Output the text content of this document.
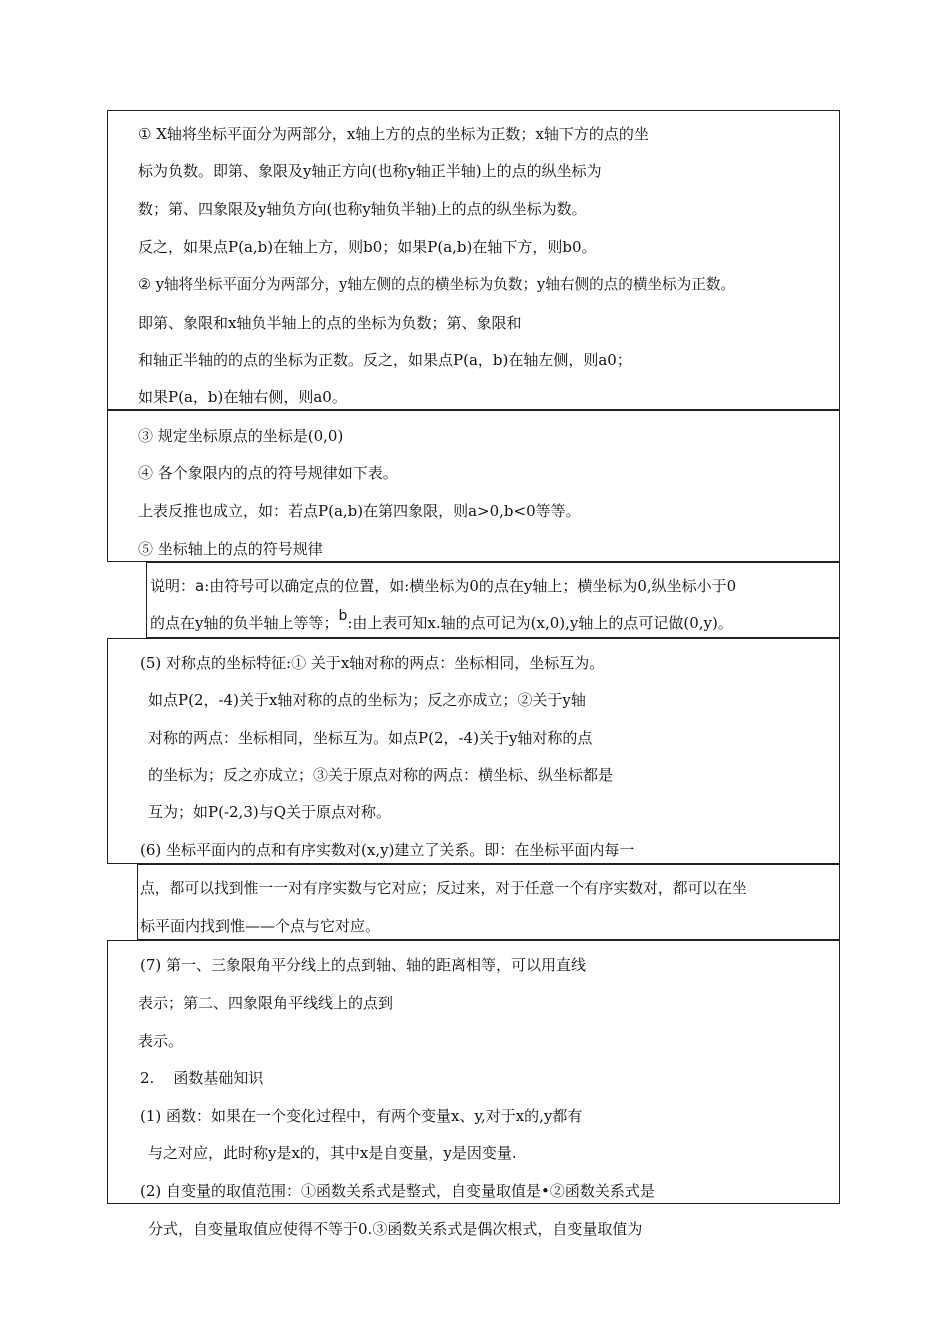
① X轴将坐标平面分为两部分，x轴上方的点的坐标为正数；x轴下方的点的坐
标为负数。即第、象限及y轴正方向(也称y轴正半轴)上的点的纵坐标为
数；第、四象限及y轴负方向(也称y轴负半轴)上的点的纵坐标为数。
反之，如果点P(a,b)在轴上方，则b0；如果P(a,b)在轴下方，则b0。
② y轴将坐标平面分为两部分，y轴左侧的点的横坐标为负数；y轴右侧的点的横坐标为正数。
即第、象限和x轴负半轴上的点的坐标为负数；第、象限和
和轴正半轴的的点的坐标为正数。反之，如果点P(a，b)在轴左侧，则a0；
如果P(a，b)在轴右侧，则a0。
③ 规定坐标原点的坐标是(0,0)
④ 各个象限内的点的符号规律如下表。
上表反推也成立，如：若点P(a,b)在第四象限，则a>0,b<0等等。
⑤ 坐标轴上的点的符号规律
说明：a:由符号可以确定点的位置，如:横坐标为0的点在y轴上；横坐标为0,纵坐标小于0
的点在y轴的负半轴上等等；b:由上表可知x.轴的点可记为(x,0),y轴上的点可记做(0,y)。
(5) 对称点的坐标特征:① 关于x轴对称的两点：坐标相同，坐标互为。
如点P(2，-4)关于x轴对称的点的坐标为；反之亦成立；②关于y轴
对称的两点：坐标相同，坐标互为。如点P(2，-4)关于y轴对称的点
的坐标为；反之亦成立；③关于原点对称的两点：横坐标、纵坐标都是
互为；如P(-2,3)与Q关于原点对称。
(6) 坐标平面内的点和有序实数对(x,y)建立了关系。即：在坐标平面内每一
点，都可以找到惟一一对有序实数与它对应；反过来，对于任意一个有序实数对，都可以在坐
标平面内找到惟——个点与它对应。
(7) 第一、三象限角平分线上的点到轴、轴的距离相等，可以用直线
表示；第二、四象限角平线线上的点到
表示。
2.    函数基础知识
(1) 函数：如果在一个变化过程中，有两个变量x、y,对于x的,y都有
与之对应，此时称y是x的，其中x是自变量，y是因变量.
(2) 自变量的取值范围：①函数关系式是整式，自变量取值是•②函数关系式是
分式，自变量取值应使得不等于0.③函数关系式是偶次根式，自变量取值为
